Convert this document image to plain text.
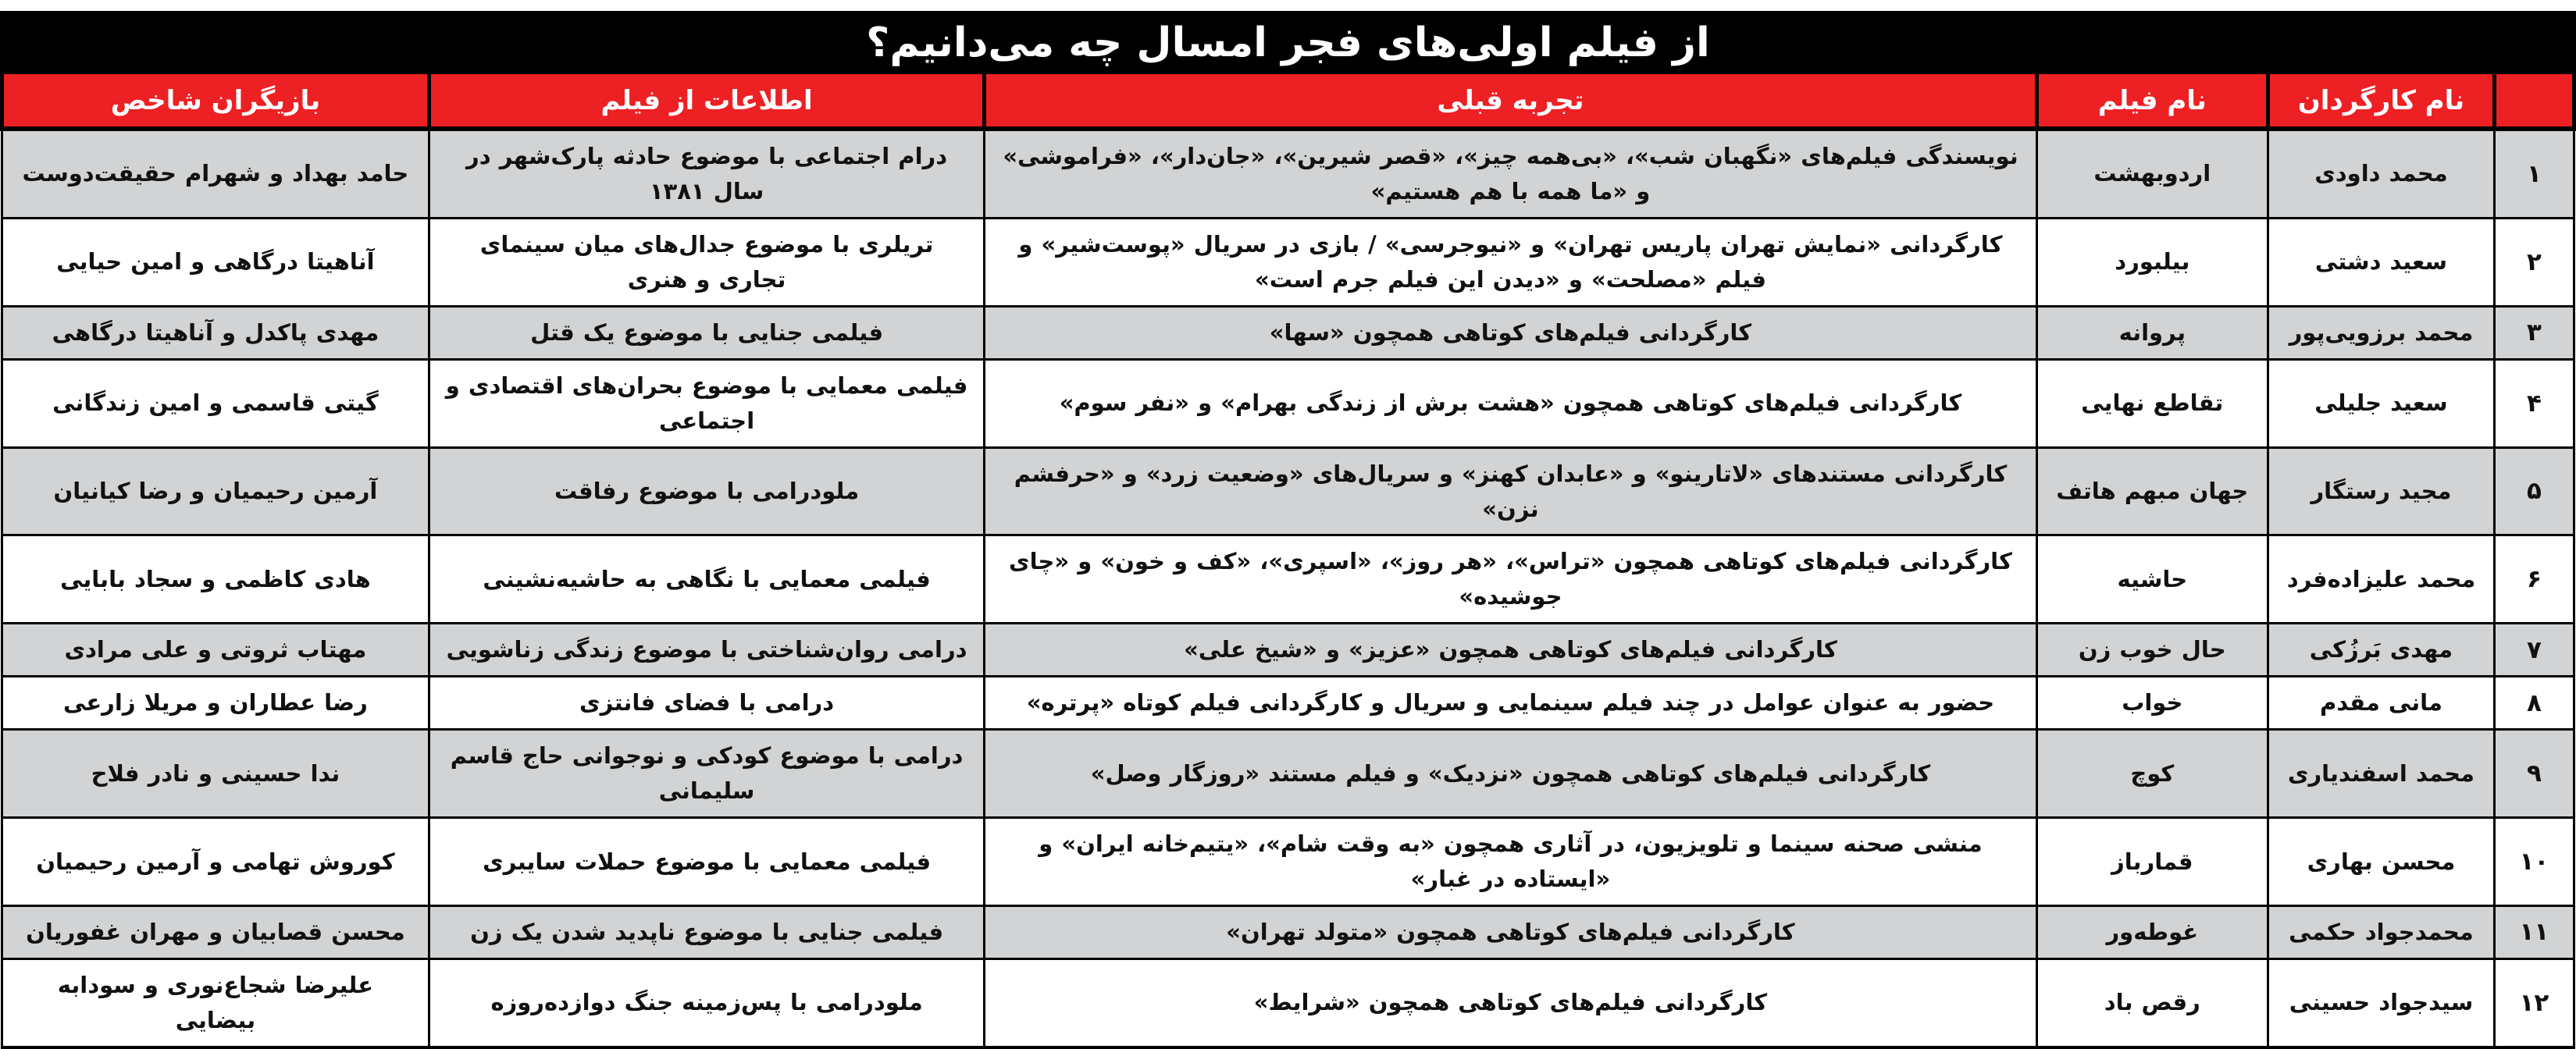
از فیلم اولی‌های فجر امسال چه می‌دانیم؟
	نام کارگردان	نام فیلم	تجربه قبلی	اطلاعات از فیلم	بازیگران شاخص
۱	محمد داودی	اردوبهشت	نویسندگی فیلم‌های «نگهبان شب»، «بی‌همه چیز»، «قصر شیرین»، «جان‌دار»، «فراموشی» و «ما همه با هم هستیم»	درام اجتماعی با موضوع حادثه پارک‌شهر در سال ۱۳۸۱	حامد بهداد و شهرام حقیقت‌دوست
۲	سعید دشتی	بیلبورد	کارگردانی «نمایش تهران پاریس تهران» و «نیوجرسی» / بازی در سریال «پوست‌شیر» و فیلم «مصلحت» و «دیدن این فیلم جرم است»	تریلری با موضوع جدال‌های میان سینمای تجاری و هنری	آناهیتا درگاهی و امین حیایی
۳	محمد برزویی‌پور	پروانه	کارگردانی فیلم‌های کوتاهی همچون «سها»	فیلمی جنایی با موضوع یک قتل	مهدی پاکدل و آناهیتا درگاهی
۴	سعید جلیلی	تقاطع نهایی	کارگردانی فیلم‌های کوتاهی همچون «هشت برش از زندگی بهرام» و «نفر سوم»	فیلمی معمایی با موضوع بحران‌های اقتصادی و اجتماعی	گیتی قاسمی و امین زندگانی
۵	مجید رستگار	جهان مبهم هاتف	کارگردانی مستندهای «لاتارینو» و «عابدان کهنز» و سریال‌های «وضعیت زرد» و «حرفشم نزن»	ملودرامی با موضوع رفاقت	آرمین رحیمیان و رضا کیانیان
۶	محمد علیزاده‌فرد	حاشیه	کارگردانی فیلم‌های کوتاهی همچون «تراس»، «هر روز»، «اسپری»، «کف و خون» و «چای جوشیده»	فیلمی معمایی با نگاهی به حاشیه‌نشینی	هادی کاظمی و سجاد بابایی
۷	مهدی بَرزُکی	حال خوب زن	کارگردانی فیلم‌های کوتاهی همچون «عزیز» و «شیخ علی»	درامی روان‌شناختی با موضوع زندگی زناشویی	مهتاب ثروتی و علی مرادی
۸	مانی مقدم	خواب	حضور به عنوان عوامل در چند فیلم سینمایی و سریال و کارگردانی فیلم کوتاه «پرتره»	درامی با فضای فانتزی	رضا عطاران و مریلا زارعی
۹	محمد اسفندیاری	کوچ	کارگردانی فیلم‌های کوتاهی همچون «نزدیک» و فیلم مستند «روزگار وصل»	درامی با موضوع کودکی و نوجوانی حاج قاسم سلیمانی	ندا حسینی و نادر فلاح
۱۰	محسن بهاری	قمارباز	منشی صحنه سینما و تلویزیون، در آثاری همچون «به وقت شام»، «یتیم‌خانه ایران» و «ایستاده در غبار»	فیلمی معمایی با موضوع حملات سایبری	کوروش تهامی و آرمین رحیمیان
۱۱	محمدجواد حکمی	غوطه‌ور	کارگردانی فیلم‌های کوتاهی همچون «متولد تهران»	فیلمی جنایی با موضوع ناپدید شدن یک زن	محسن قصابیان و مهران غفوریان
۱۲	سیدجواد حسینی	رقص باد	کارگردانی فیلم‌های کوتاهی همچون «شرایط»	ملودرامی با پس‌زمینه جنگ دوازده‌روزه	علیرضا شجاع‌نوری و سودابه بیضایی
